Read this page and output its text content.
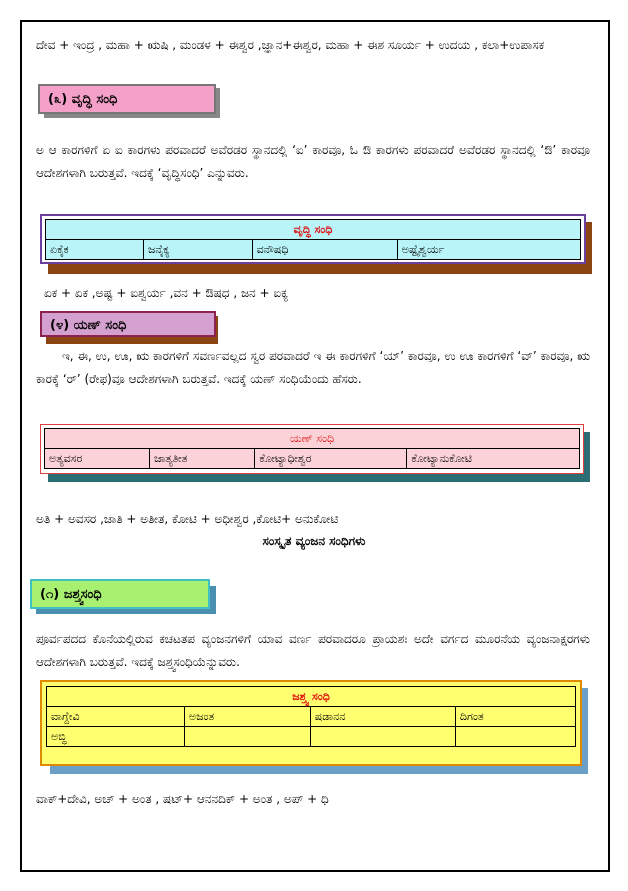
ದೇವ + ಇಂದ್ರ , ಮಹಾ + ಋಷಿ , ಮಂಡಳ + ಈಶ್ವರ ,ಜ್ಞಾನ+ಈಶ್ವರ, ಮಹಾ + ಈಶ ಸೂರ್ಯ + ಉದಯ , ಕಲಾ+ಉಪಾಸಕ
(೩) ವೃದ್ಧಿ ಸಂಧಿ
ಅ ಆ ಕಾರಗಳಿಗೆ ಏ ಐ ಕಾರಗಳು ಪರವಾದರೆ ಅವೆರಡರ ಸ್ಥಾನದಲ್ಲಿ ‘ಐ’ ಕಾರವೂ, ಓ ಔ ಕಾರಗಳು ಪರವಾದರೆ ಅವೆರಡರ ಸ್ಥಾನದಲ್ಲಿ ‘ಔ’ ಕಾರವೂ ಆದೇಶಗಳಾಗಿ ಬರುತ್ತವೆ. ಇದಕ್ಕೆ ‘ವೃದ್ಧಿಸಂಧಿ’ ಎನ್ನುವರು.
ವೃದ್ಧಿ ಸಂಧಿ
ಏಕೈಕ	ಜನೈಕ್ಯ	ವನೌಷಧಿ	ಅಷ್ಟೈಶ್ವರ್ಯ
ಏಕ + ಏಕ ,ಅಷ್ಟ + ಐಶ್ವರ್ಯ ,ವನ + ಔಷಧ , ಜನ + ಐಕ್ಯ
(೪) ಯಣ್ ಸಂಧಿ
ಇ, ಈ, ಉ, ಊ, ಋ ಕಾರಗಳಿಗೆ ಸವರ್ಣವಲ್ಲದ ಸ್ವರ ಪರವಾದರೆ ಇ ಈ ಕಾರಗಳಿಗೆ ‘ಯ್’ ಕಾರವೂ, ಉ ಊ ಕಾರಗಳಿಗೆ ‘ವ್’ ಕಾರವೂ, ಋ ಕಾರಕ್ಕೆ ‘ರ್’ (ರೇಫ)ವೂ ಆದೇಶಗಳಾಗಿ ಬರುತ್ತವೆ. ಇದಕ್ಕೆ ಯಣ್ ಸಂಧಿಯೆಂದು ಹೆಸರು.
ಯಣ್ ಸಂಧಿ
ಅತ್ಯವಸರ	ಜಾತ್ಯತೀತ	ಕೋಟ್ಯಾಧೀಶ್ವರ	ಕೋಟ್ಯಾನುಕೋಟಿ
ಅತಿ + ಅವಸರ ,ಜಾತಿ + ಅತೀತ, ಕೋಟಿ + ಅಧೀಶ್ವರ ,ಕೋಟಿ+ ಅನುಕೋಟಿ
ಸಂಸ್ಕೃತ ವ್ಯಂಜನ ಸಂಧಿಗಳು
(೧) ಜಶ್ತ್ವಸಂಧಿ
ಪೂರ್ವಪದದ ಕೊನೆಯಲ್ಲಿರುವ ಕಚಟತಪ ವ್ಯಂಜನಗಳಿಗೆ ಯಾವ ವರ್ಣ ಪರವಾದರೂ ಪ್ರಾಯಶಃ ಅದೇ ವರ್ಗದ ಮೂರನೆಯ ವ್ಯಂಜನಾಕ್ಷರಗಳು ಆದೇಶಗಳಾಗಿ ಬರುತ್ತವೆ. ಇದಕ್ಕೆ ಜಶ್ತ್ವಸಂಧಿಯೆನ್ನುವರು.
ಜಶ್ತ್ವ ಸಂಧಿ			
ವಾಗ್ದೇವಿ	ಅಜಂತ	ಷಡಾನನ	ದಿಗಂತ
ಅಬ್ಧಿ			
ವಾಕ್+ದೇವಿ, ಅಚ್ + ಅಂತ , ಷಟ್+ ಆನನದಿಕ್ + ಅಂತ , ಅಪ್ + ಧಿ
